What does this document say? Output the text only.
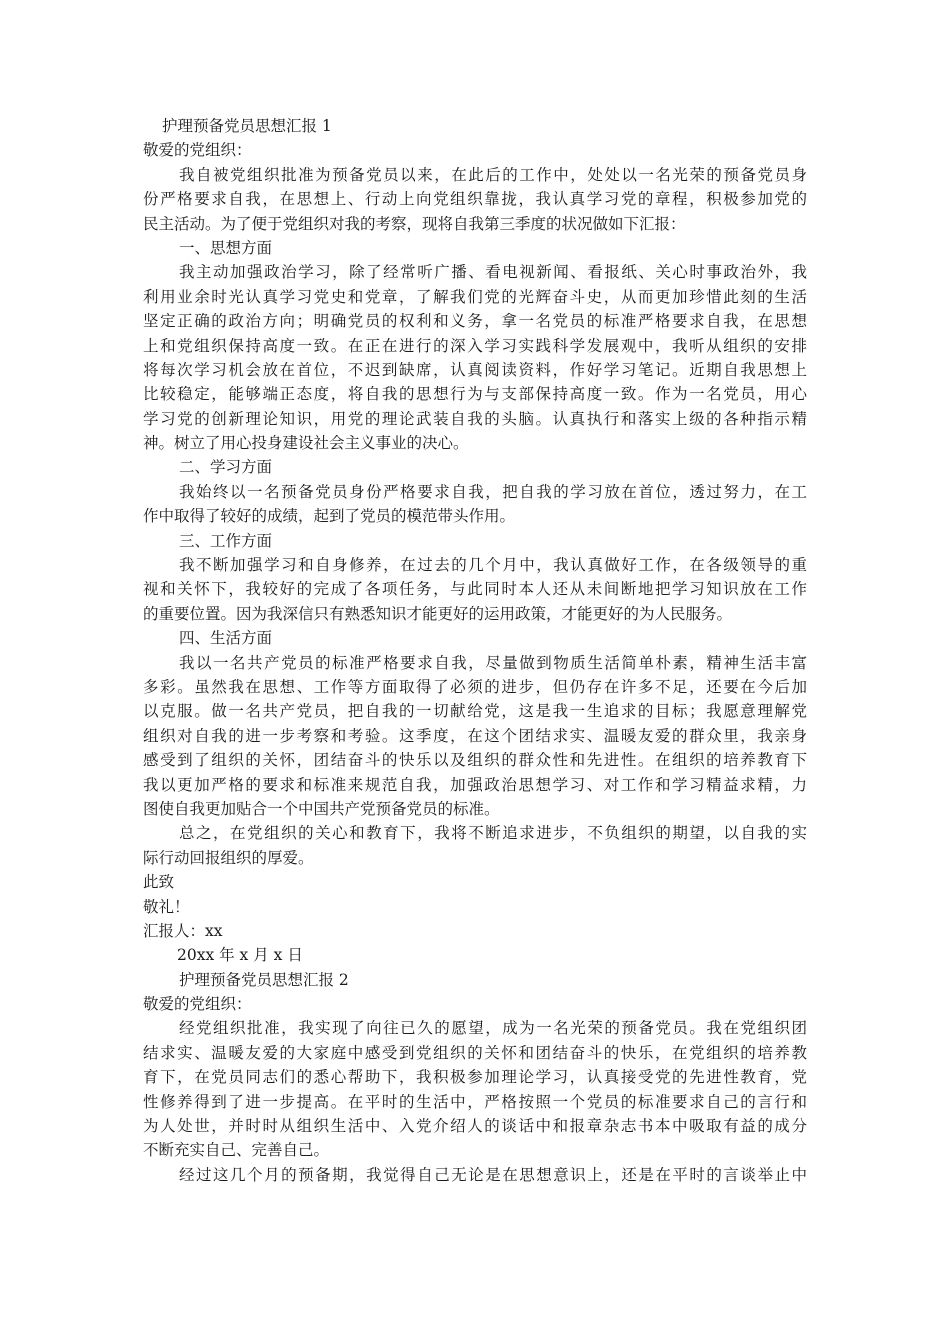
护理预备党员思想汇报 1
敬爱的党组织：
我自被党组织批准为预备党员以来，在此后的工作中，处处以一名光荣的预备党员身
份严格要求自我，在思想上、行动上向党组织靠拢，我认真学习党的章程，积极参加党的
民主活动。为了便于党组织对我的考察，现将自我第三季度的状况做如下汇报：
一、思想方面
我主动加强政治学习，除了经常听广播、看电视新闻、看报纸、关心时事政治外，我
利用业余时光认真学习党史和党章，了解我们党的光辉奋斗史，从而更加珍惜此刻的生活
坚定正确的政治方向；明确党员的权利和义务，拿一名党员的标准严格要求自我，在思想
上和党组织保持高度一致。在正在进行的深入学习实践科学发展观中，我听从组织的安排
将每次学习机会放在首位，不迟到缺席，认真阅读资料，作好学习笔记。近期自我思想上
比较稳定，能够端正态度，将自我的思想行为与支部保持高度一致。作为一名党员，用心
学习党的创新理论知识，用党的理论武装自我的头脑。认真执行和落实上级的各种指示精
神。树立了用心投身建设社会主义事业的决心。
二、学习方面
我始终以一名预备党员身份严格要求自我，把自我的学习放在首位，透过努力，在工
作中取得了较好的成绩，起到了党员的模范带头作用。
三、工作方面
我不断加强学习和自身修养，在过去的几个月中，我认真做好工作，在各级领导的重
视和关怀下，我较好的完成了各项任务，与此同时本人还从未间断地把学习知识放在工作
的重要位置。因为我深信只有熟悉知识才能更好的运用政策，才能更好的为人民服务。
四、生活方面
我以一名共产党员的标准严格要求自我，尽量做到物质生活简单朴素，精神生活丰富
多彩。虽然我在思想、工作等方面取得了必须的进步，但仍存在许多不足，还要在今后加
以克服。做一名共产党员，把自我的一切献给党，这是我一生追求的目标；我愿意理解党
组织对自我的进一步考察和考验。这季度，在这个团结求实、温暖友爱的群众里，我亲身
感受到了组织的关怀，团结奋斗的快乐以及组织的群众性和先进性。在组织的培养教育下
我以更加严格的要求和标准来规范自我，加强政治思想学习、对工作和学习精益求精，力
图使自我更加贴合一个中国共产党预备党员的标准。
总之，在党组织的关心和教育下，我将不断追求进步，不负组织的期望，以自我的实
际行动回报组织的厚爱。
此致
敬礼！
汇报人：xx
20xx 年 x 月 x 日
护理预备党员思想汇报 2
敬爱的党组织：
经党组织批准，我实现了向往已久的愿望，成为一名光荣的预备党员。我在党组织团
结求实、温暖友爱的大家庭中感受到党组织的关怀和团结奋斗的快乐，在党组织的培养教
育下，在党员同志们的悉心帮助下，我积极参加理论学习，认真接受党的先进性教育，党
性修养得到了进一步提高。在平时的生活中，严格按照一个党员的标准要求自己的言行和
为人处世，并时时从组织生活中、入党介绍人的谈话中和报章杂志书本中吸取有益的成分
不断充实自己、完善自己。
经过这几个月的预备期，我觉得自己无论是在思想意识上，还是在平时的言谈举止中
